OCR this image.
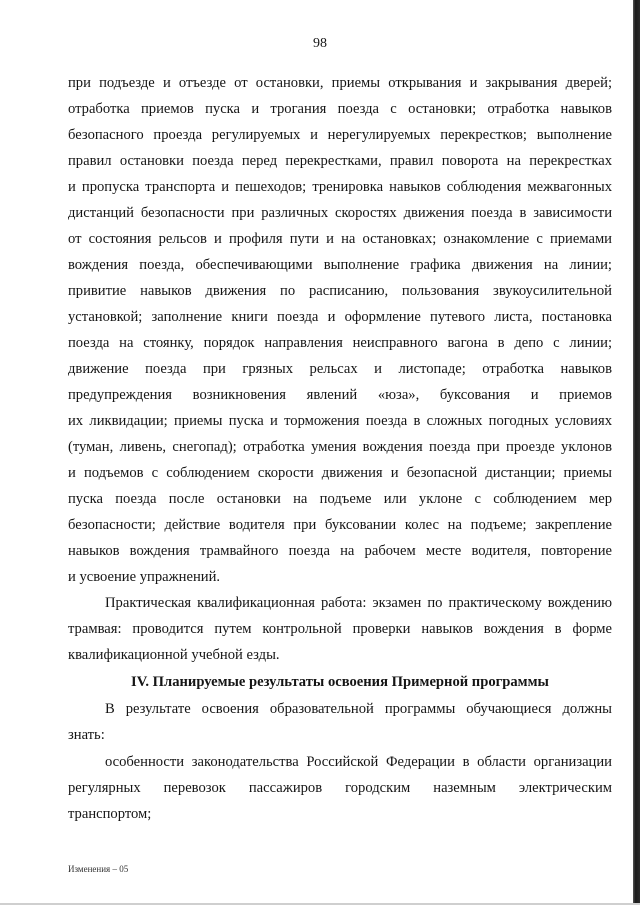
98
при подъезде и отъезде от остановки, приемы открывания и закрывания дверей;
отработка приемов пуска и трогания поезда с остановки; отработка навыков
безопасного проезда регулируемых и нерегулируемых перекрестков; выполнение
правил остановки поезда перед перекрестками, правил поворота на перекрестках
и пропуска транспорта и пешеходов; тренировка навыков соблюдения межвагонных
дистанций безопасности при различных скоростях движения поезда в зависимости
от состояния рельсов и профиля пути и на остановках; ознакомление с приемами
вождения поезда, обеспечивающими выполнение графика движения на линии;
привитие навыков движения по расписанию, пользования звукоусилительной
установкой; заполнение книги поезда и оформление путевого листа, постановка
поезда на стоянку, порядок направления неисправного вагона в депо с линии;
движение поезда при грязных рельсах и листопаде; отработка навыков
предупреждения возникновения явлений «юза», буксования и приемов
их ликвидации; приемы пуска и торможения поезда в сложных погодных условиях
(туман, ливень, снегопад); отработка умения вождения поезда при проезде уклонов
и подъемов с соблюдением скорости движения и безопасной дистанции; приемы
пуска поезда после остановки на подъеме или уклоне с соблюдением мер
безопасности; действие водителя при буксовании колес на подъеме; закрепление
навыков вождения трамвайного поезда на рабочем месте водителя, повторение
и усвоение упражнений.
Практическая квалификационная работа: экзамен по практическому вождению
трамвая: проводится путем контрольной проверки навыков вождения в форме
квалификационной учебной езды.
IV. Планируемые результаты освоения Примерной программы
В результате освоения образовательной программы обучающиеся должны
знать:
особенности законодательства Российской Федерации в области организации
регулярных перевозок пассажиров городским наземным электрическим
транспортом;
Изменения – 05
